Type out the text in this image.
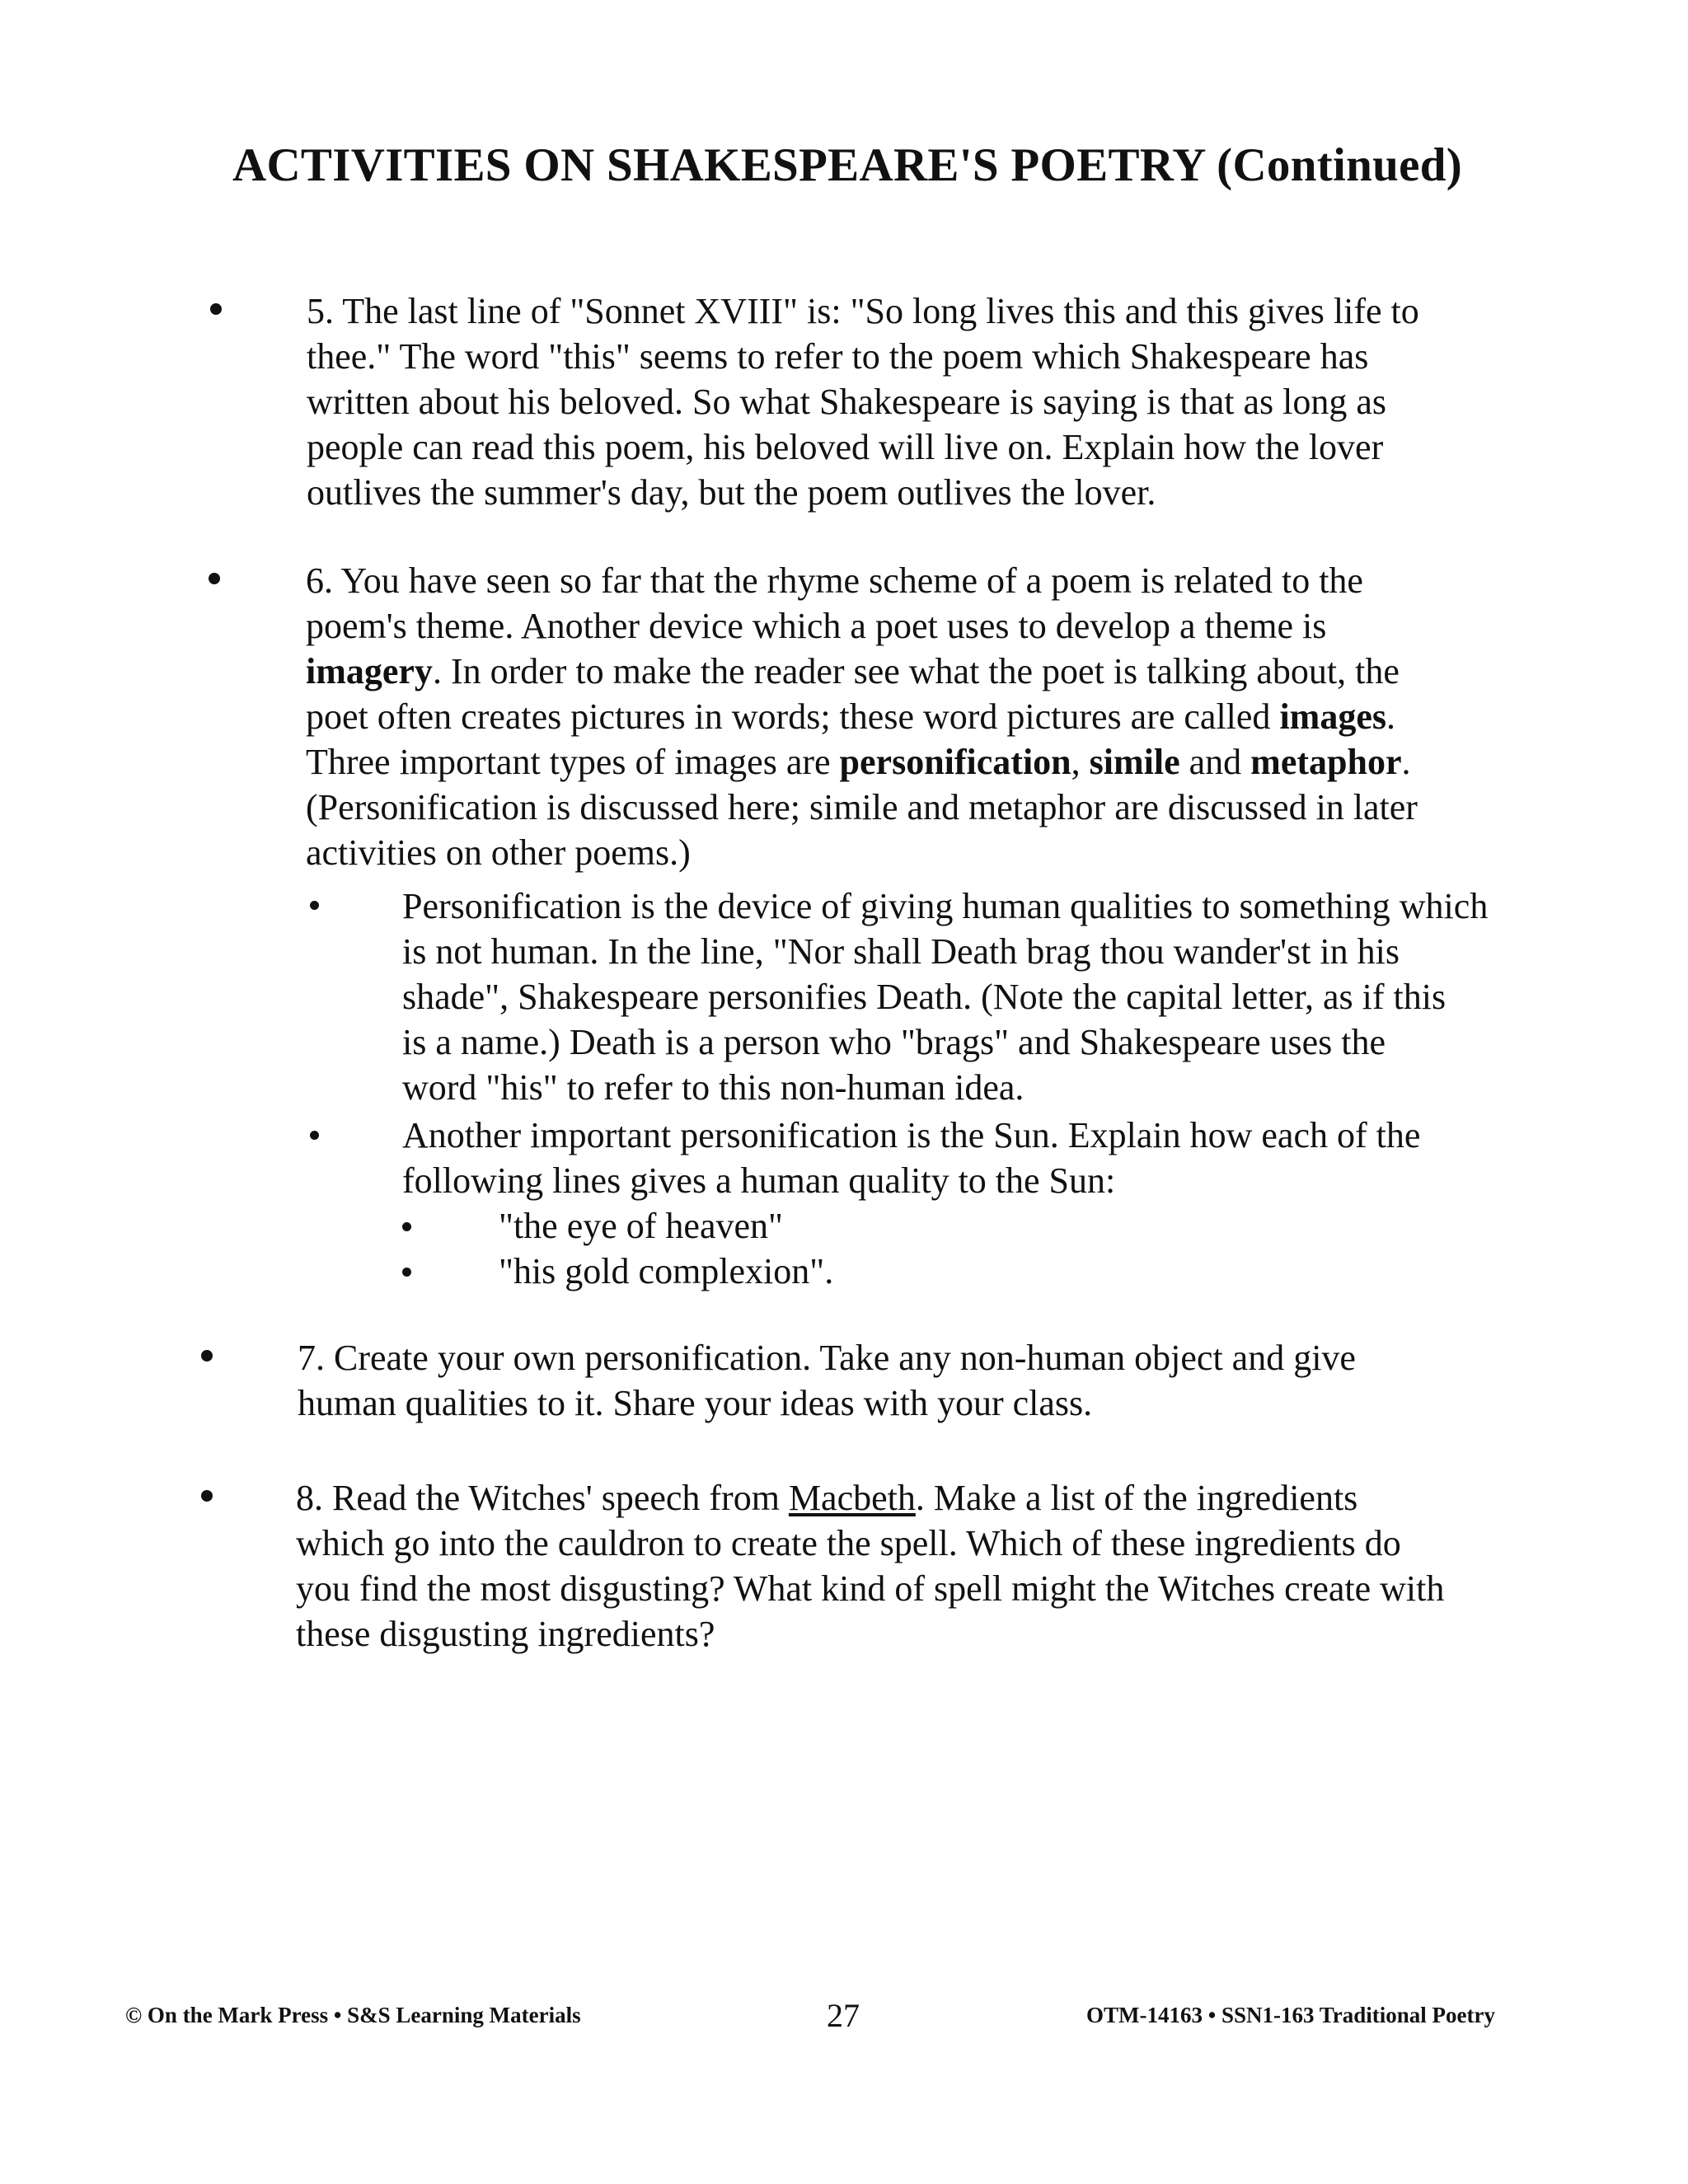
ACTIVITIES ON SHAKESPEARE'S POETRY (Continued)
5. The last line of "Sonnet XVIII" is: "So long lives this and this gives life to
thee." The word "this" seems to refer to the poem which Shakespeare has
written about his beloved. So what Shakespeare is saying is that as long as
people can read this poem, his beloved will live on. Explain how the lover
outlives the summer's day, but the poem outlives the lover.
6. You have seen so far that the rhyme scheme of a poem is related to the
poem's theme. Another device which a poet uses to develop a theme is
imagery. In order to make the reader see what the poet is talking about, the
poet often creates pictures in words; these word pictures are called images.
Three important types of images are personification, simile and metaphor.
(Personification is discussed here; simile and metaphor are discussed in later
activities on other poems.)
Personification is the device of giving human qualities to something which
is not human. In the line, "Nor shall Death brag thou wander'st in his
shade", Shakespeare personifies Death. (Note the capital letter, as if this
is a name.) Death is a person who "brags" and Shakespeare uses the
word "his" to refer to this non-human idea.
Another important personification is the Sun. Explain how each of the
following lines gives a human quality to the Sun:
"the eye of heaven"
"his gold complexion".
7. Create your own personification. Take any non-human object and give
human qualities to it. Share your ideas with your class.
8. Read the Witches' speech from Macbeth. Make a list of the ingredients
which go into the cauldron to create the spell. Which of these ingredients do
you find the most disgusting? What kind of spell might the Witches create with
these disgusting ingredients?
© On the Mark Press • S&S Learning Materials	27	OTM-14163 • SSN1-163 Traditional Poetry
